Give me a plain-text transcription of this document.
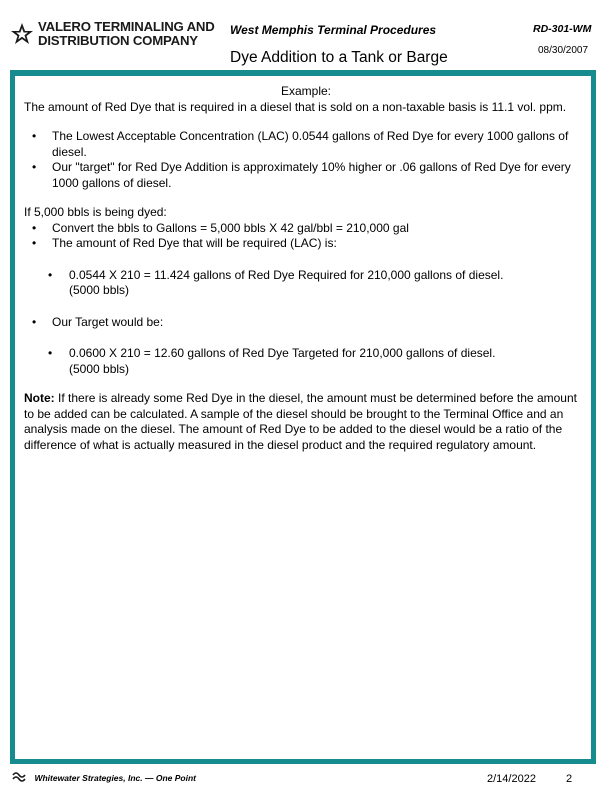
VALERO TERMINALING AND
DISTRIBUTION COMPANY
West Memphis Terminal Procedures	RD-301-WM
Dye Addition to a Tank or Barge	08/30/2007
Example:

The amount of Red Dye that is required in a diesel that is sold on a non-taxable basis is 11.1 vol. ppm.

• The Lowest Acceptable Concentration (LAC) 0.0544 gallons of Red Dye for every 1000 gallons of diesel.
• Our "target" for Red Dye Addition is approximately 10% higher or .06 gallons of Red Dye for every 1000 gallons of diesel.

If 5,000 bbls is being dyed:

• Convert the bbls to Gallons = 5,000 bbls X 42 gal/bbl = 210,000 gal
• The amount of Red Dye that will be required (LAC) is:
• 0.0544 X 210 = 11.424 gallons of Red Dye Required for 210,000 gallons of diesel.
(5000 bbls)
• Our Target would be:
• 0.0600 X 210 = 12.60 gallons of Red Dye Targeted for 210,000 gallons of diesel.
(5000 bbls)

Note: If there is already some Red Dye in the diesel, the amount must be determined before the amount to be added can be calculated. A sample of the diesel should be brought to the Terminal Office and an analysis made on the diesel. The amount of Red Dye to be added to the diesel would be a ratio of the difference of what is actually measured in the diesel product and the required regulatory amount.

Whitewater Strategies, Inc. — One Point	2/14/2022	2
